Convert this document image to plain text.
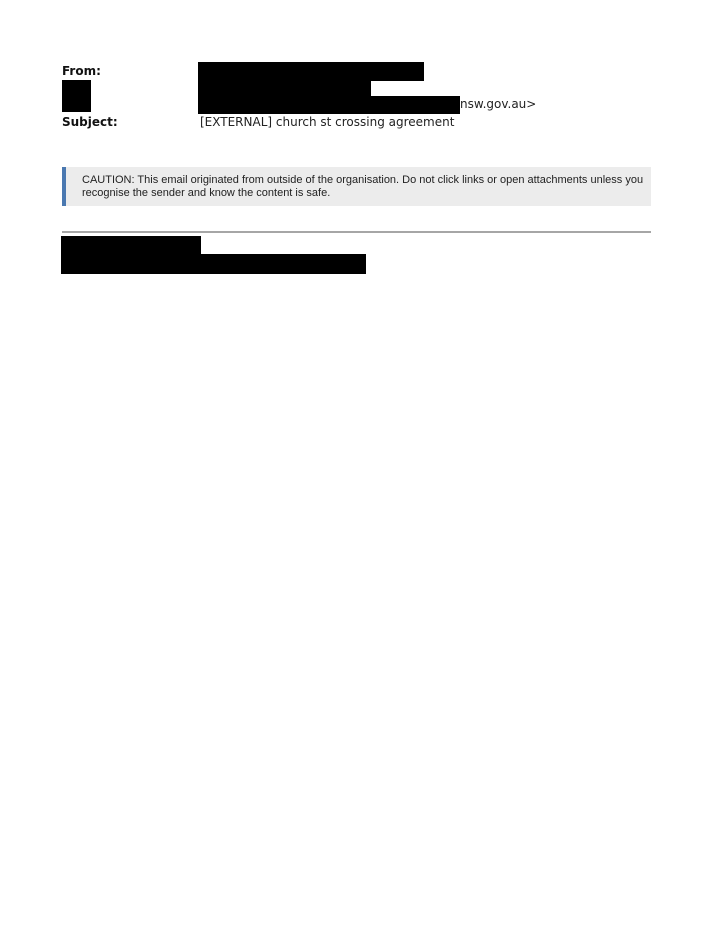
From:
nsw.gov.au>
Subject:	[EXTERNAL] church st crossing agreement
CAUTION: This email originated from outside of the organisation. Do not click links or open attachments unless you recognise the sender and know the content is safe.
